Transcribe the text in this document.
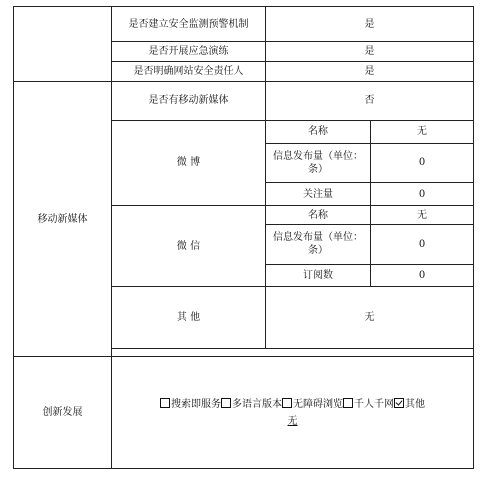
	是否建立安全监测预警机制	是	
	是否开展应急演练	是	
	是否明确网站安全责任人	是	
移动新媒体	是否有移动新媒体	否	
	微 博	名称	无
		信息发布量（单位：条）	0
		关注量	0
	微 信	名称	无
		信息发布量（单位：条）	0
		订阅数	0
	其 他	无	

创新发展	搜索即服务 多语言版本 无障碍浏览 千人千网 其他
无		
